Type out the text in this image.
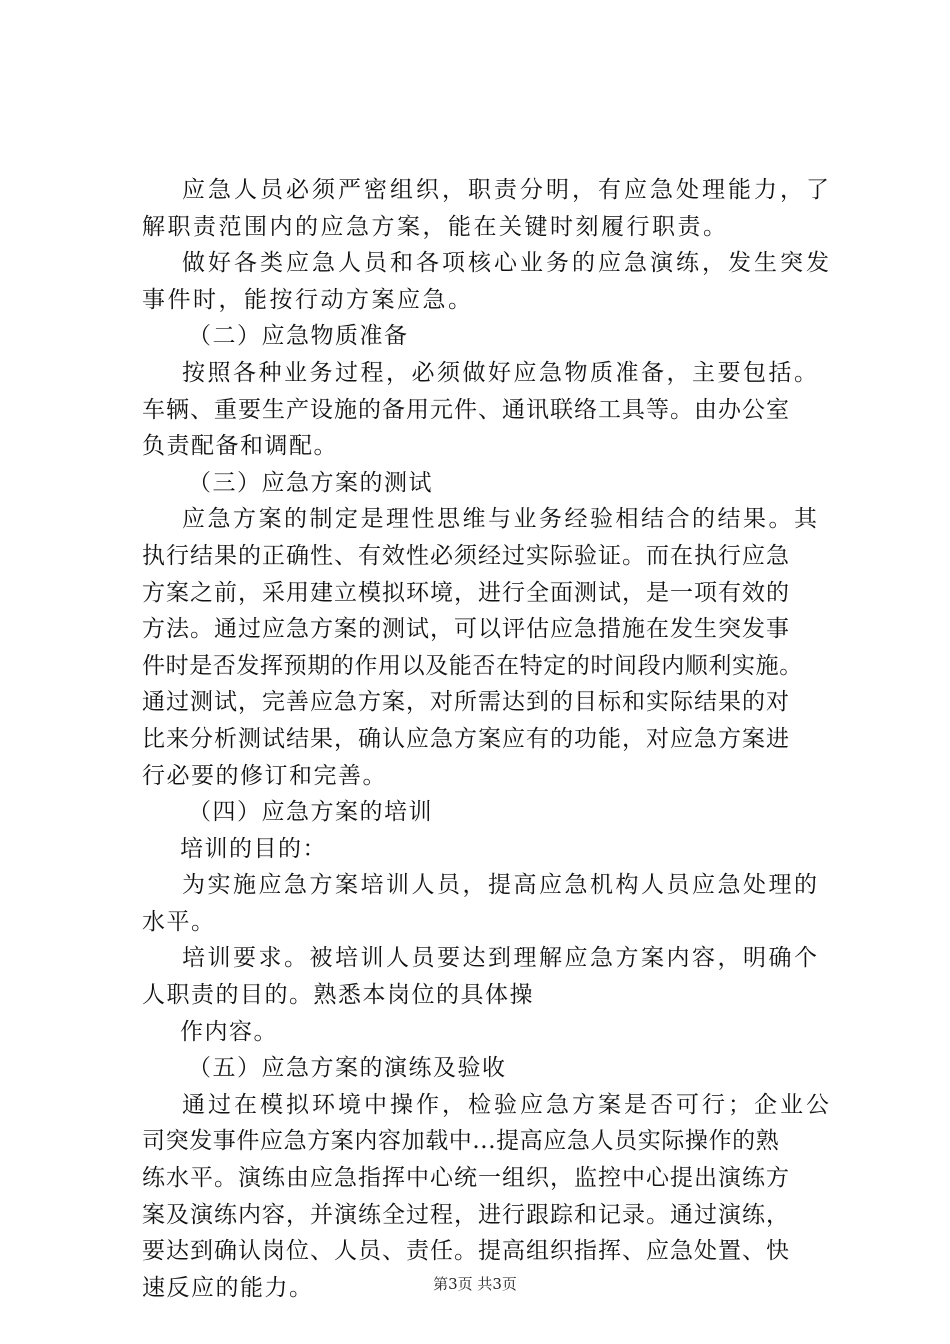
应急人员必须严密组织，职责分明，有应急处理能力，了
解职责范围内的应急方案，能在关键时刻履行职责。
做好各类应急人员和各项核心业务的应急演练，发生突发
事件时，能按行动方案应急。
（二）应急物质准备
按照各种业务过程，必须做好应急物质准备，主要包括。
车辆、重要生产设施的备用元件、通讯联络工具等。由办公室
负责配备和调配。
（三）应急方案的测试
应急方案的制定是理性思维与业务经验相结合的结果。其
执行结果的正确性、有效性必须经过实际验证。而在执行应急
方案之前，采用建立模拟环境，进行全面测试，是一项有效的
方法。通过应急方案的测试，可以评估应急措施在发生突发事
件时是否发挥预期的作用以及能否在特定的时间段内顺利实施。
通过测试，完善应急方案，对所需达到的目标和实际结果的对
比来分析测试结果，确认应急方案应有的功能，对应急方案进
行必要的修订和完善。
（四）应急方案的培训
培训的目的：
为实施应急方案培训人员，提高应急机构人员应急处理的
水平。
培训要求。被培训人员要达到理解应急方案内容，明确个
人职责的目的。熟悉本岗位的具体操
作内容。
（五）应急方案的演练及验收
通过在模拟环境中操作，检验应急方案是否可行；企业公
司突发事件应急方案内容加载中...提高应急人员实际操作的熟
练水平。演练由应急指挥中心统一组织，监控中心提出演练方
案及演练内容，并演练全过程，进行跟踪和记录。通过演练，
要达到确认岗位、人员、责任。提高组织指挥、应急处置、快
速反应的能力。	第3页 共3页
